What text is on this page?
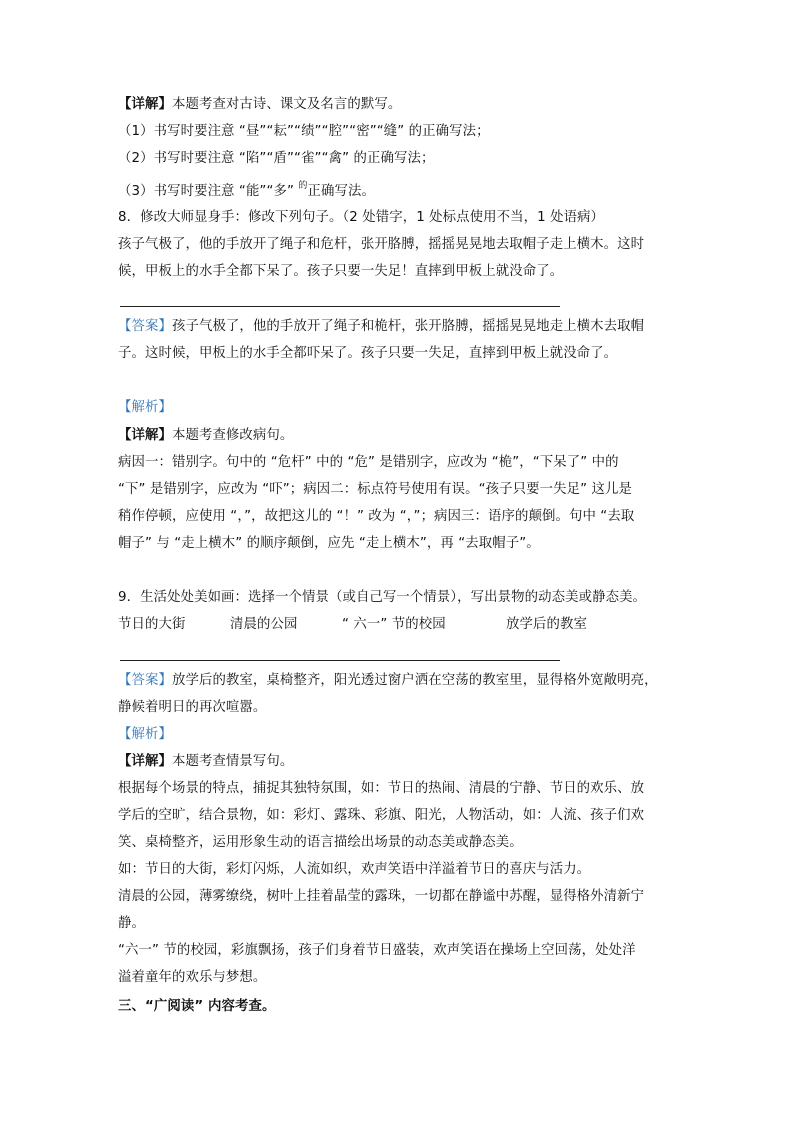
【详解】本题考查对古诗、课文及名言的默写。
（1）书写时要注意 “昼”“耘”“绩”“腔”“密”“缝” 的正确写法；
（2）书写时要注意 “陷”“盾”“雀”“禽” 的正确写法；
（3）书写时要注意 “能”“多” $^的$正确写法。
8．修改大师显身手：修改下列句子。（2 处错字，1 处标点使用不当，1 处语病）
孩子气极了，他的手放开了绳子和危杆，张开胳膊，摇摇晃晃地去取帽子走上横木。这时
候，甲板上的水手全都下呆了。孩子只要一失足！直摔到甲板上就没命了。
【答案】孩子气极了，他的手放开了绳子和桅杆，张开胳膊，摇摇晃晃地走上横木去取帽
子。这时候，甲板上的水手全都吓呆了。孩子只要一失足，直摔到甲板上就没命了。
【解析】
【详解】本题考查修改病句。
病因一：错别字。句中的 “危杆” 中的 “危” 是错别字，应改为 “桅”，“下呆了” 中的
“下” 是错别字，应改为 “吓”；病因二：标点符号使用有误。“孩子只要一失足” 这儿是
稍作停顿，应使用 “，”，故把这儿的 “！” 改为 “，”；病因三：语序的颠倒。句中 “去取
帽子” 与 “走上横木” 的顺序颠倒，应先 “走上横木”，再 “去取帽子”。
9．生活处处美如画：选择一个情景（或自己写一个情景），写出景物的动态美或静态美。
节日的大街	清晨的公园	“ 六一” 节的校园	放学后的教室
【答案】放学后的教室，桌椅整齐，阳光透过窗户洒在空荡的教室里，显得格外宽敞明亮，
静候着明日的再次喧嚣。
【解析】
【详解】本题考查情景写句。
根据每个场景的特点，捕捉其独特氛围，如：节日的热闹、清晨的宁静、节日的欢乐、放
学后的空旷，结合景物，如：彩灯、露珠、彩旗、阳光，人物活动，如：人流、孩子们欢
笑、桌椅整齐，运用形象生动的语言描绘出场景的动态美或静态美。
如：节日的大街，彩灯闪烁，人流如织，欢声笑语中洋溢着节日的喜庆与活力。
清晨的公园，薄雾缭绕，树叶上挂着晶莹的露珠，一切都在静谧中苏醒，显得格外清新宁
静。
“六一” 节的校园，彩旗飘扬，孩子们身着节日盛装，欢声笑语在操场上空回荡，处处洋
溢着童年的欢乐与梦想。
三、“广阅读” 内容考查。
